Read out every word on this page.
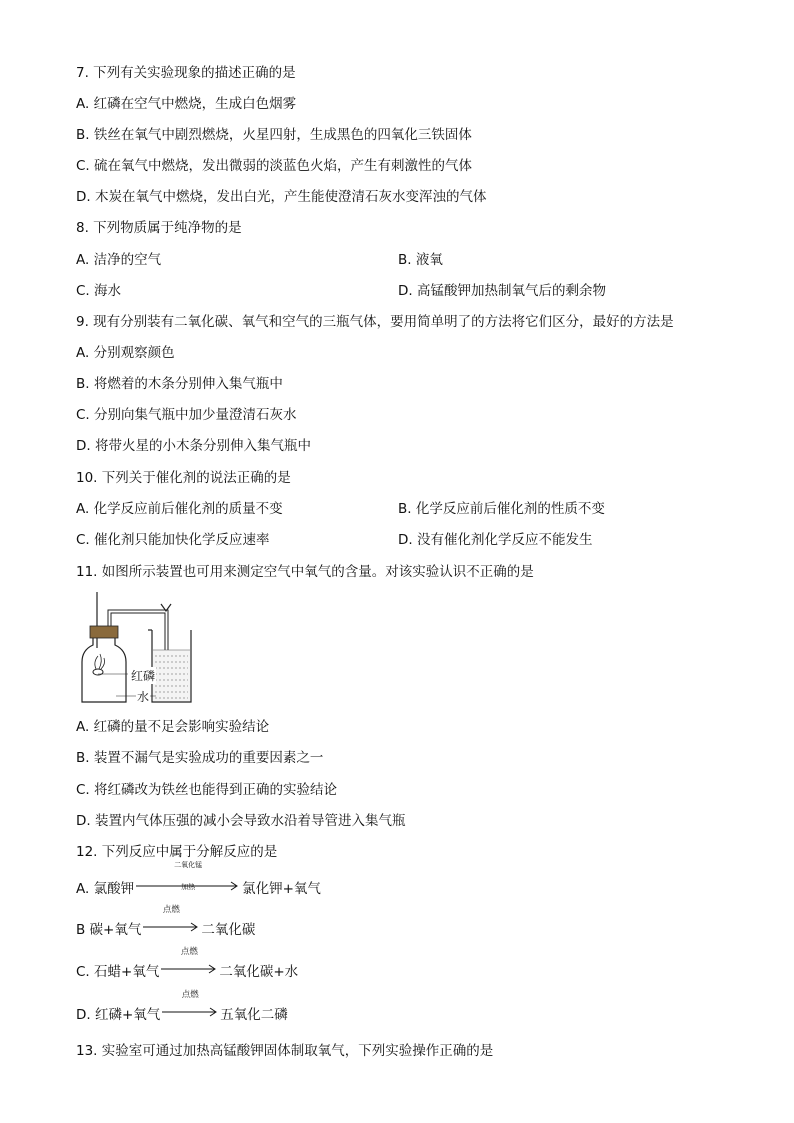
7. 下列有关实验现象的描述正确的是
A. 红磷在空气中燃烧，生成白色烟雾
B. 铁丝在氧气中剧烈燃烧，火星四射，生成黑色的四氧化三铁固体
C. 硫在氧气中燃烧，发出微弱的淡蓝色火焰，产生有刺激性的气体
D. 木炭在氧气中燃烧，发出白光，产生能使澄清石灰水变浑浊的气体
8. 下列物质属于纯净物的是
A. 洁净的空气	B. 液氧
C. 海水	D. 高锰酸钾加热制氧气后的剩余物
9. 现有分别装有二氧化碳、氧气和空气的三瓶气体，要用简单明了的方法将它们区分，最好的方法是
A. 分别观察颜色
B. 将燃着的木条分别伸入集气瓶中
C. 分别向集气瓶中加少量澄清石灰水
D. 将带火星的小木条分别伸入集气瓶中
10. 下列关于催化剂的说法正确的是
A. 化学反应前后催化剂的质量不变	B. 化学反应前后催化剂的性质不变
C. 催化剂只能加快化学反应速率	D. 没有催化剂化学反应不能发生
11. 如图所示装置也可用来测定空气中氧气的含量。对该实验认识不正确的是
红磷
水
A. 红磷的量不足会影响实验结论
B. 装置不漏气是实验成功的重要因素之一
C. 将红磷改为铁丝也能得到正确的实验结论
D. 装置内气体压强的减小会导致水沿着导管进入集气瓶
12. 下列反应中属于分解反应的是
A. 氯酸钾
二氧化锰
加热	氯化钾+氧气
B 碳+氧气
点燃
二氧化碳
C. 石蜡+氧气
点燃
二氧化碳+水
D. 红磷+氧气
点燃
五氧化二磷
13. 实验室可通过加热高锰酸钾固体制取氧气，下列实验操作正确的是
